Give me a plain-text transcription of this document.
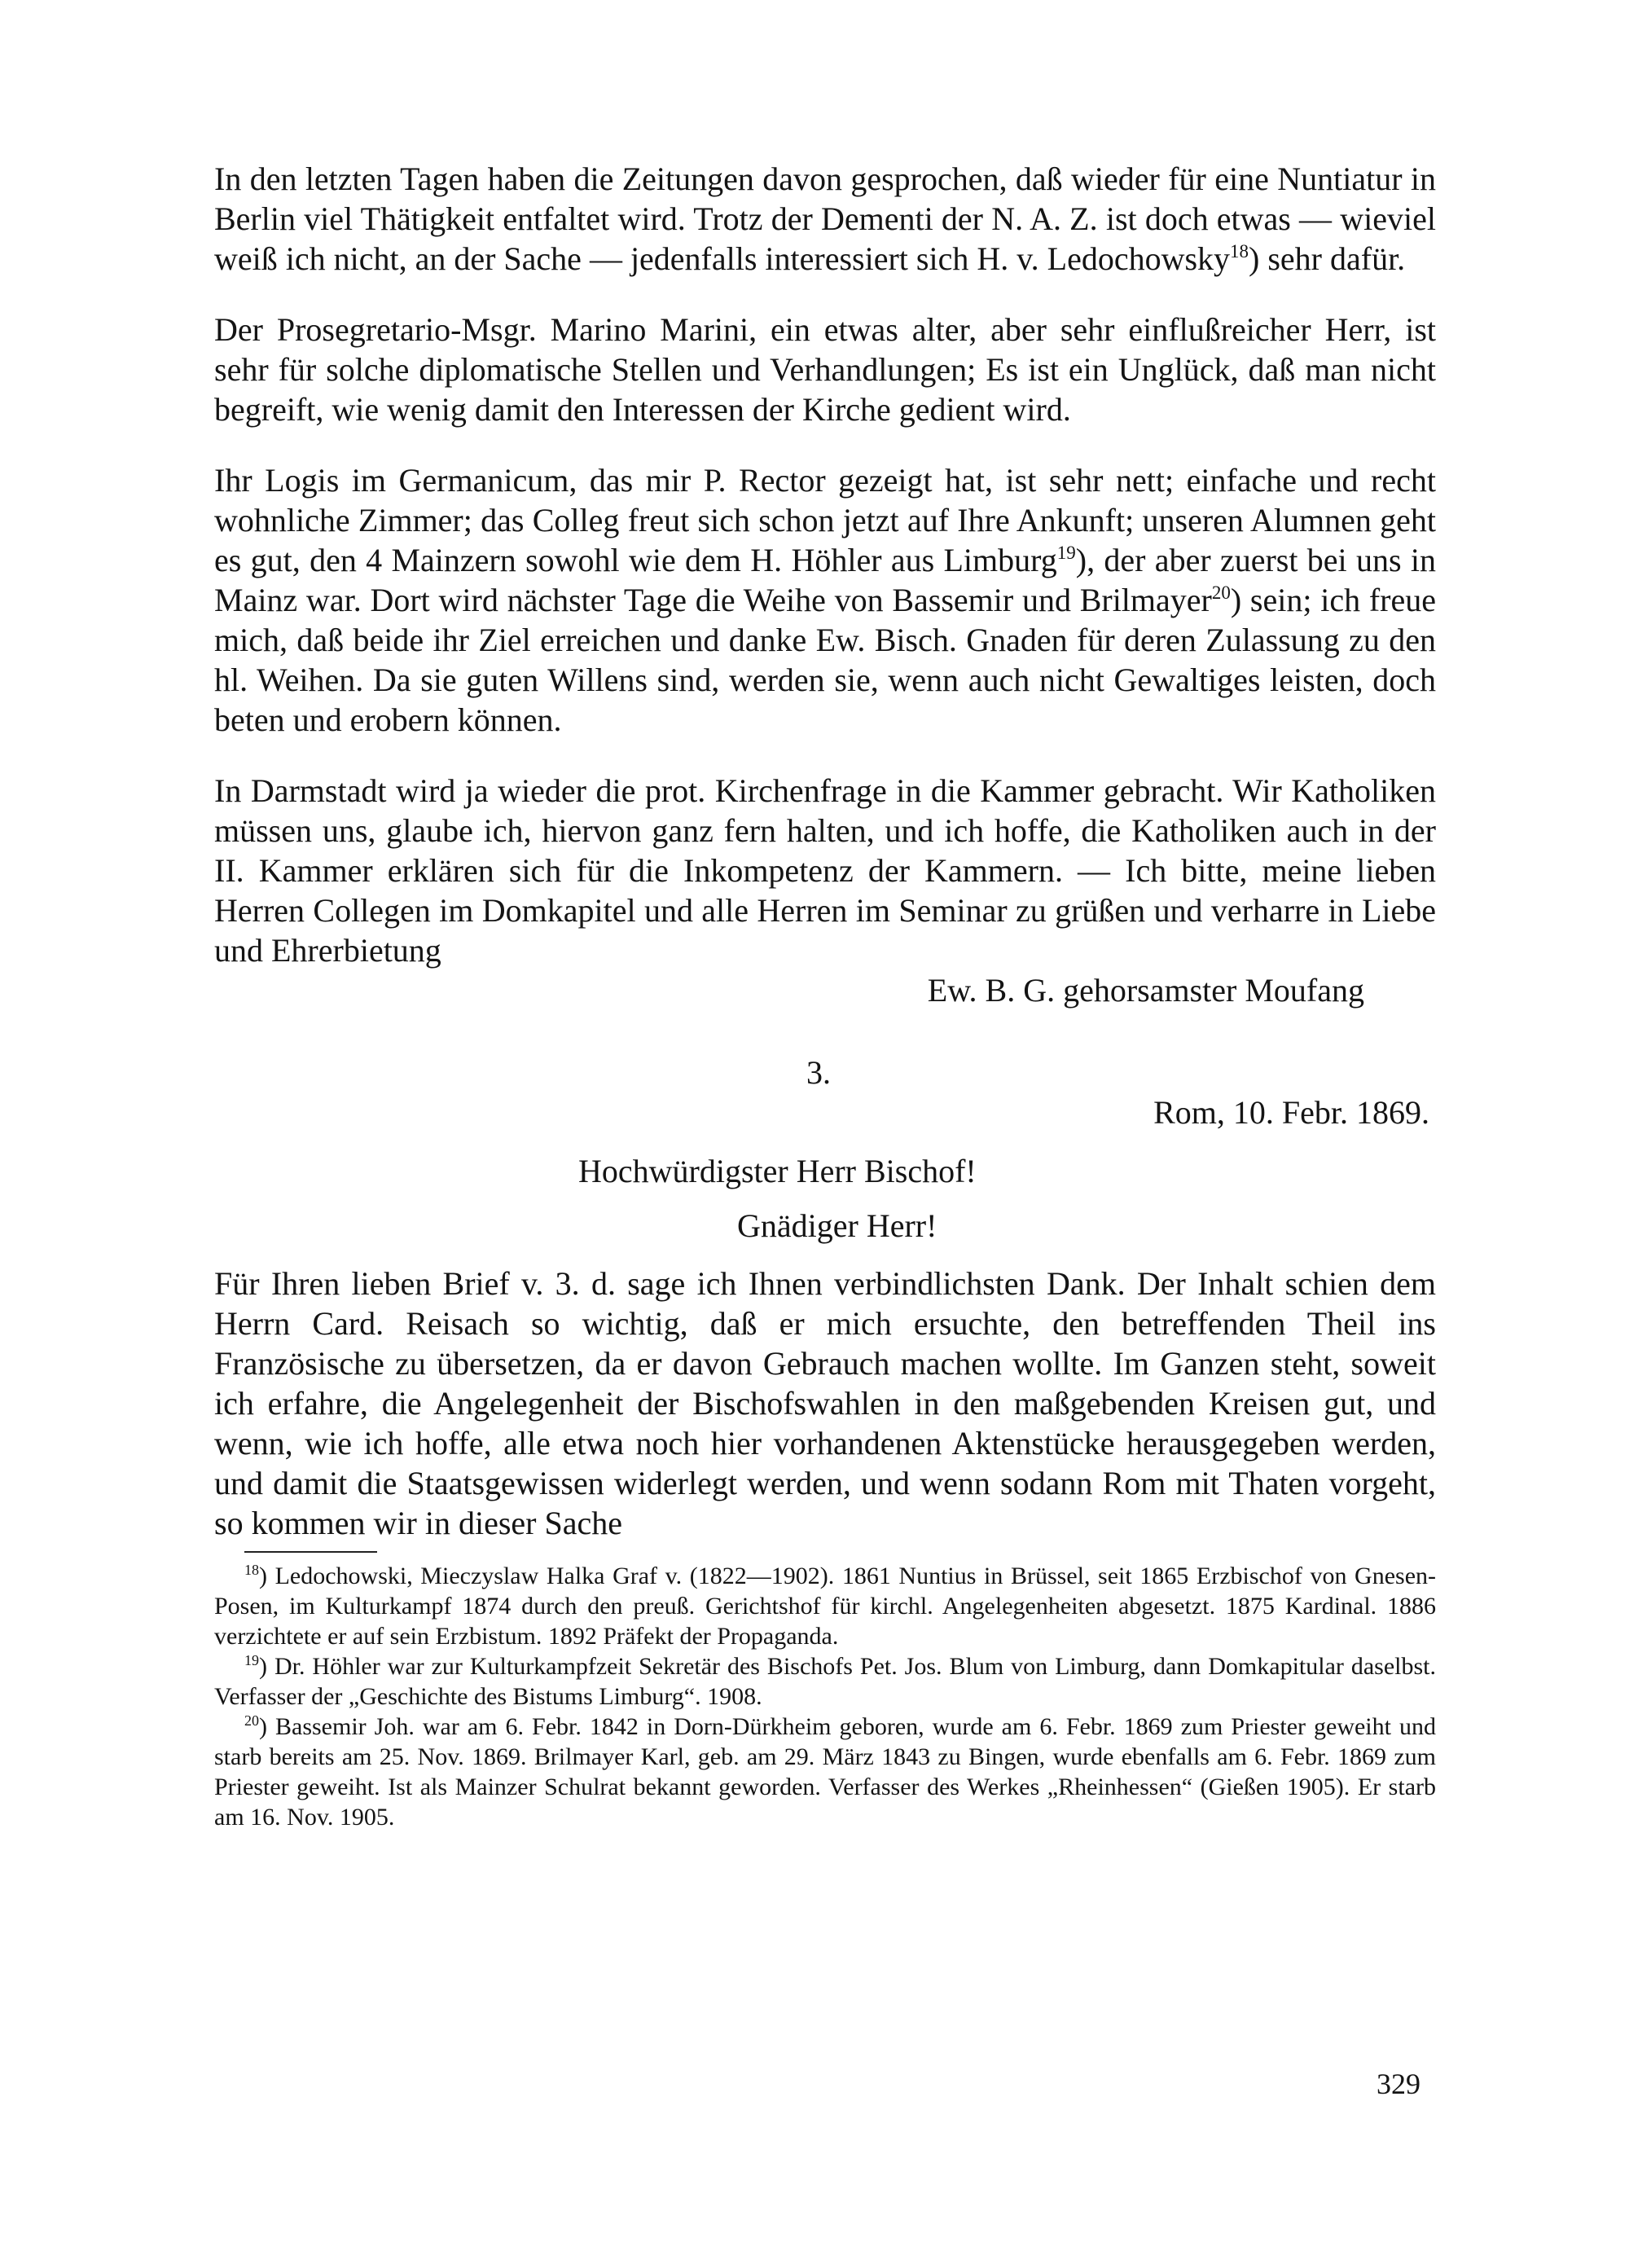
In den letzten Tagen haben die Zeitungen davon gesprochen, daß wieder für eine Nuntiatur in Berlin viel Thätigkeit entfaltet wird. Trotz der Dementi der N. A. Z. ist doch etwas — wieviel weiß ich nicht, an der Sache — jedenfalls interessiert sich H. v. Ledochowsky$^{18}$) sehr dafür.

Der Prosegretario-Msgr. Marino Marini, ein etwas alter, aber sehr einflußreicher Herr, ist sehr für solche diplomatische Stellen und Verhandlungen; Es ist ein Unglück, daß man nicht begreift, wie wenig damit den Interessen der Kirche gedient wird.

Ihr Logis im Germanicum, das mir P. Rector gezeigt hat, ist sehr nett; einfache und recht wohnliche Zimmer; das Colleg freut sich schon jetzt auf Ihre Ankunft; unseren Alumnen geht es gut, den 4 Mainzern sowohl wie dem H. Höhler aus Limburg$^{19}$), der aber zuerst bei uns in Mainz war. Dort wird nächster Tage die Weihe von Bassemir und Brilmayer$^{20}$) sein; ich freue mich, daß beide ihr Ziel erreichen und danke Ew. Bisch. Gnaden für deren Zulassung zu den hl. Weihen. Da sie guten Willens sind, werden sie, wenn auch nicht Gewaltiges leisten, doch beten und erobern können.

In Darmstadt wird ja wieder die prot. Kirchenfrage in die Kammer gebracht. Wir Katholiken müssen uns, glaube ich, hiervon ganz fern halten, und ich hoffe, die Katholiken auch in der II. Kammer erklären sich für die Inkompetenz der Kammern. — Ich bitte, meine lieben Herren Collegen im Domkapitel und alle Herren im Seminar zu grüßen und verharre in Liebe und Ehrerbietung

Ew. B. G. gehorsamster Moufang
3.
Rom, 10. Febr. 1869.
Hochwürdigster Herr Bischof!
Gnädiger Herr!

Für Ihren lieben Brief v. 3. d. sage ich Ihnen verbindlichsten Dank. Der Inhalt schien dem Herrn Card. Reisach so wichtig, daß er mich ersuchte, den betreffenden Theil ins Französische zu übersetzen, da er davon Gebrauch machen wollte. Im Ganzen steht, soweit ich erfahre, die Angelegenheit der Bischofswahlen in den maßgebenden Kreisen gut, und wenn, wie ich hoffe, alle etwa noch hier vorhandenen Aktenstücke herausgegeben werden, und damit die Staatsgewissen widerlegt werden, und wenn sodann Rom mit Thaten vorgeht, so kommen wir in dieser Sache

$^{18}$) Ledochowski, Mieczyslaw Halka Graf v. (1822—1902). 1861 Nuntius in Brüssel, seit 1865 Erzbischof von Gnesen-Posen, im Kulturkampf 1874 durch den preuß. Gerichtshof für kirchl. Angelegenheiten abgesetzt. 1875 Kardinal. 1886 verzichtete er auf sein Erzbistum. 1892 Präfekt der Propaganda.

$^{19}$) Dr. Höhler war zur Kulturkampfzeit Sekretär des Bischofs Pet. Jos. Blum von Limburg, dann Domkapitular daselbst. Verfasser der „Geschichte des Bistums Limburg“. 1908.

$^{20}$) Bassemir Joh. war am 6. Febr. 1842 in Dorn-Dürkheim geboren, wurde am 6. Febr. 1869 zum Priester geweiht und starb bereits am 25. Nov. 1869. Brilmayer Karl, geb. am 29. März 1843 zu Bingen, wurde ebenfalls am 6. Febr. 1869 zum Priester geweiht. Ist als Mainzer Schulrat bekannt geworden. Verfasser des Werkes „Rheinhessen“ (Gießen 1905). Er starb am 16. Nov. 1905.

329
